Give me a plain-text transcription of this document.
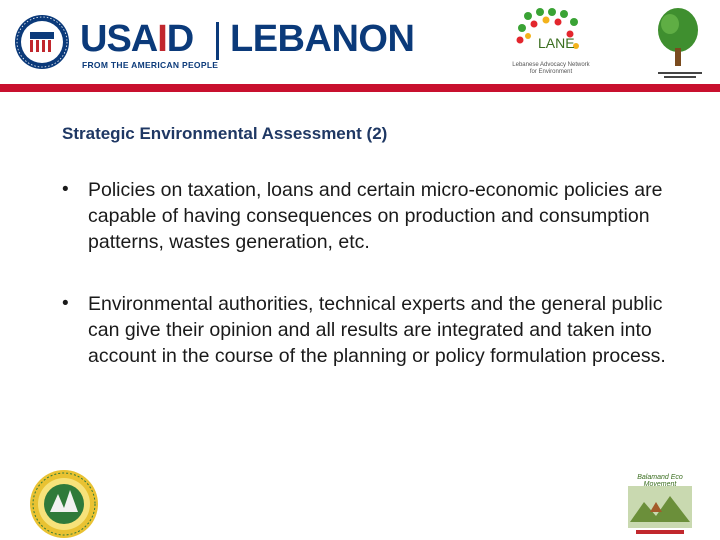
USAID
FROM THE AMERICAN PEOPLE
LEBANON	LANE
Lebanese Advocacy Network for Environment
Strategic Environmental Assessment (2)
• Policies on taxation, loans and certain micro-economic policies are capable of having consequences on production and consumption patterns, wastes generation, etc.
• Environmental authorities, technical experts and the general public can give their opinion and all results are integrated and taken into account in the course of the planning or policy formulation process.
Balamand Eco Movement
